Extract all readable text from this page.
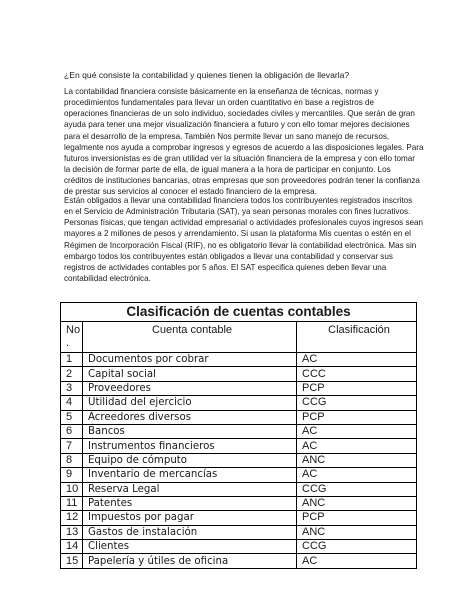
¿En qué consiste la contabilidad y quienes tienen la obligación de llevarla?
La contabilidad financiera consiste básicamente en la enseñanza de técnicas, normas y
procedimientos fundamentales para llevar un orden cuantitativo en base a registros de
operaciones financieras de un solo individuo, sociedades civiles y mercantiles. Que serán de gran
ayuda para tener una mejor visualización financiera a futuro y con ello tomar mejores decisiones
para el desarrollo de la empresa. También Nos permite llevar un sano manejo de recursos,
legalmente nos ayuda a comprobar ingresos y egresos de acuerdo a las disposiciones legales. Para
futuros inversionistas es de gran utilidad ver la situación financiera de la empresa y con ello tomar
la decisión de formar parte de ella, de igual manera a la hora de participar en conjunto. Los
créditos de instituciones bancarias, otras empresas que son proveedores podrán tener la confianza
de prestar sus servicios al conocer el estado financiero de la empresa.
Están obligados a llevar una contabilidad financiera todos los contribuyentes registrados inscritos
en el Servicio de Administración Tributaria (SAT), ya sean personas morales con fines lucrativos.
Personas físicas, que tengan actividad empresarial o actividades profesionales cuyos ingresos sean
mayores a 2 millones de pesos y arrendamiento. Si usan la plataforma Mis cuentas o estén en el
Régimen de Incorporación Fiscal (RIF), no es obligatorio llevar la contabilidad electrónica. Mas sin
embargo todos los contribuyentes están obligados a llevar una contabilidad y conservar sus
registros de actividades contables por 5 años. El SAT especifica quienes deben llevar una
contabilidad electrónica.
Clasificación de cuentas contables		
No
.	Cuenta contable	Clasificación
1	Documentos por cobrar	AC
2	Capital social	CCC
3	Proveedores	PCP
4	Utilidad del ejercicio	CCG
5	Acreedores diversos	PCP
6	Bancos	AC
7	Instrumentos financieros	AC
8	Equipo de cómputo	ANC
9	Inventario de mercancías	AC
10	Reserva Legal	CCG
11	Patentes	ANC
12	Impuestos por pagar	PCP
13	Gastos de instalación	ANC
14	Clientes	CCG
15	Papelería y útiles de oficina	AC
